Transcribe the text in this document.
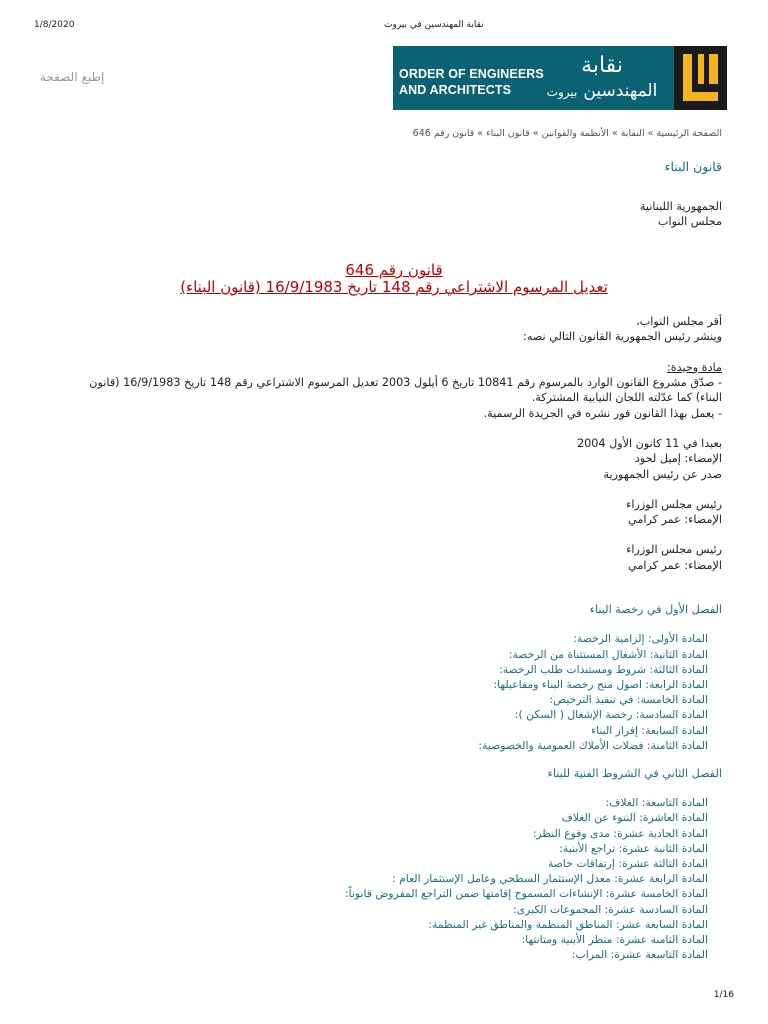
1/8/2020	نقابة المهندسين في بيروت
ORDER OF ENGINEERS
AND ARCHITECTS
نقابة
المهندسين بيروت
إطبع الصفحة

الصفحة الرئيسية » النقابة » الأنظمة والقوانين » قانون البناء » قانون رقم 646

قانون البناء

الجمهورية اللبنانية

مجلس النواب

قانون رقم 646

تعديل المرسوم الاشتراعي رقم 148 تاريخ 16/9/1983 (قانون البناء)

أقر مجلس النواب،

وينشر رئيس الجمهورية القانون التالي نصه:

مادة وحيدة:

- صدّق مشروع القانون الوارد بالمرسوم رقم 10841 تاريخ 6 أيلول 2003 تعديل المرسوم الاشتراعي رقم 148 تاريخ 16/9/1983 (قانون البناء) كما عدّلته اللجان النيابية المشتركة.

- يعمل بهذا القانون فور نشره في الجريدة الرسمية.

بعبدا في 11 كانون الأول 2004

الإمضاء: إميل لحود

صدر عن رئيس الجمهورية

رئيس مجلس الوزراء

الإمضاء: عمر كرامي

رئيس مجلس الوزراء

الإمضاء: عمر كرامي

الفصل الأول في رخصة البناء

المادة الأولى: إلزامية الرخصة:

المادة الثانية: الأشغال المستثناة من الرخصة:

المادة الثالثة: شروط ومستندات طلب الرخصة:

المادة الرابعة: اصول منح رخصة البناء ومفاعيلها:

المادة الخامسة: في تنفيذ الترخيص:

المادة السادسة: رخصة الإشغال ( السكن ):

المادة السابعة: إفراز البناء

المادة الثامنة: فضلات الأملاك العمومية والخصوصية:

الفصل الثاني في الشروط الفنية للبناء

المادة التاسعة: الغلاف:

المادة العاشرة: النتوء عن الغلاف

المادة الحادية عشرة: مدى وقوع النظر:

المادة الثانية عشرة: تراجع الأبنية:

المادة الثالثة عشرة: إرتفاقات خاصة

المادة الرابعة عشرة: معدل الإستثمار السطحي وعامل الإستثمار العام :

المادة الخامسة عشرة: الإنشاءات المسموح إقامتها ضمن التراجع المفروض قانوناً:

المادة السادسة عشرة: المجموعات الكبرى:

المادة السابعة عشر: المناطق المنظمة والمناطق غير المنظمة:

المادة الثامنة عشرة: منظر الأبنية ومتانتها:

المادة التاسعة عشرة: المراب:

1/16
